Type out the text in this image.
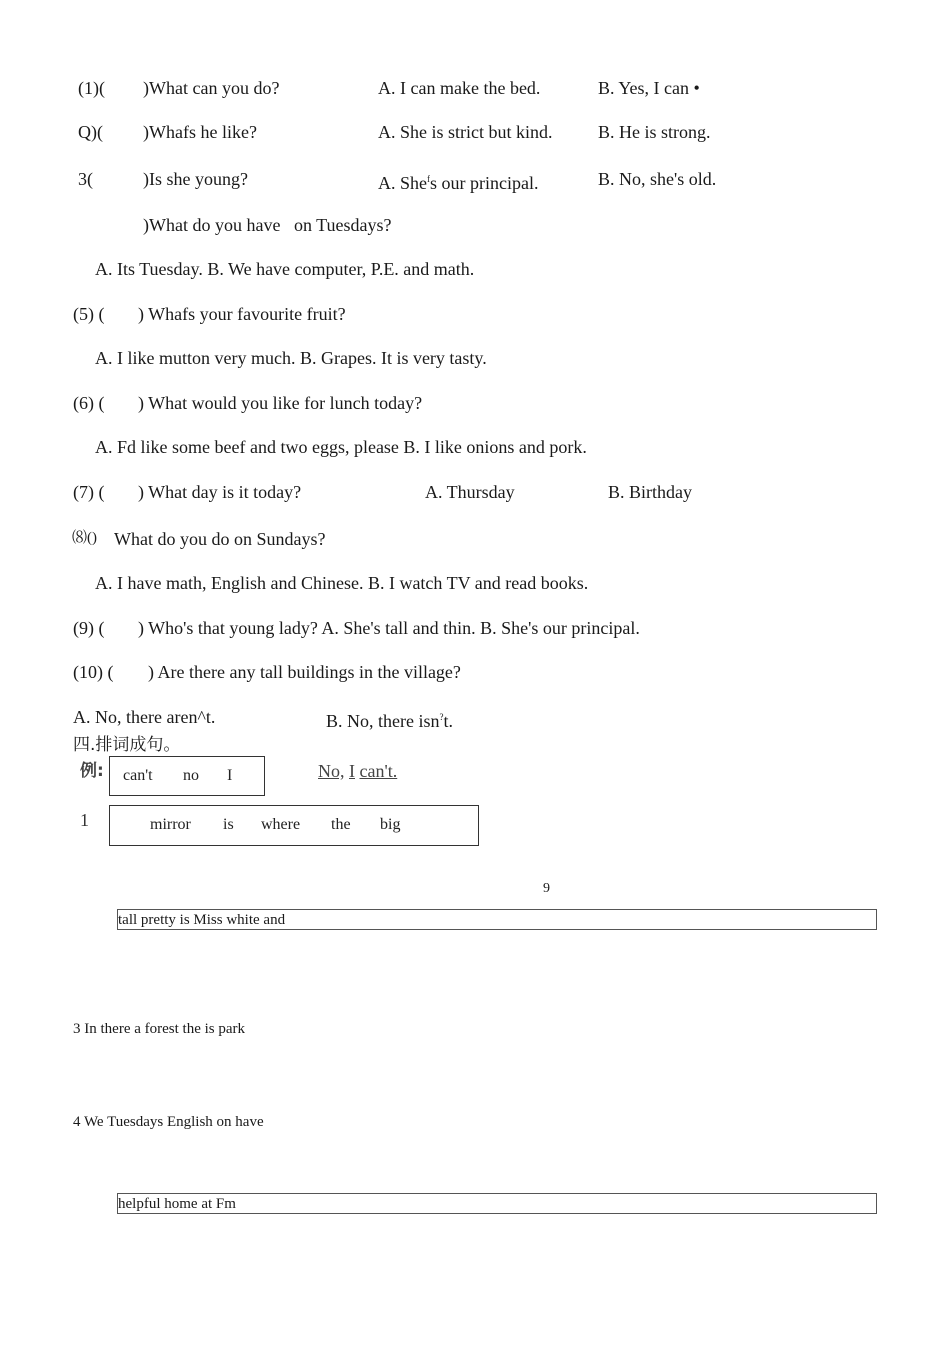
(1)( )What can you do?	A. I can make the bed.	B. Yes, I can •
Q)( )Whafs he like?	A. She is strict but kind.	B. He is strong.
3(	)Is she young?	A. She$^f$s our principal.	B. No, she's old.
)What do you have   on Tuesdays?
A. Its Tuesday. B. We have computer, P.E. and math.
(5) ( ) Whafs your favourite fruit?
A. I like mutton very much. B. Grapes. It is very tasty.
(6) ( ) What would you like for lunch today?
A. Fd like some beef and two eggs, please B. I like onions and pork.
(7) ( ) What day is it today?	A. Thursday	B. Birthday
⑻() What do you do on Sundays?
A. I have math, English and Chinese. B. I watch TV and read books.
(9) ( ) Who's that young lady? A. She's tall and thin. B. She's our principal.
(10) ( ) Are there any tall buildings in the village?
A. No, there aren^t.	B. No, there isn?t.
四.排词成句。
例: can't no I	No, I can't.
1	mirror is where the big
9
tall pretty is Miss white and
3 In there a forest the is park
4 We Tuesdays English on have
helpful home at Fm
